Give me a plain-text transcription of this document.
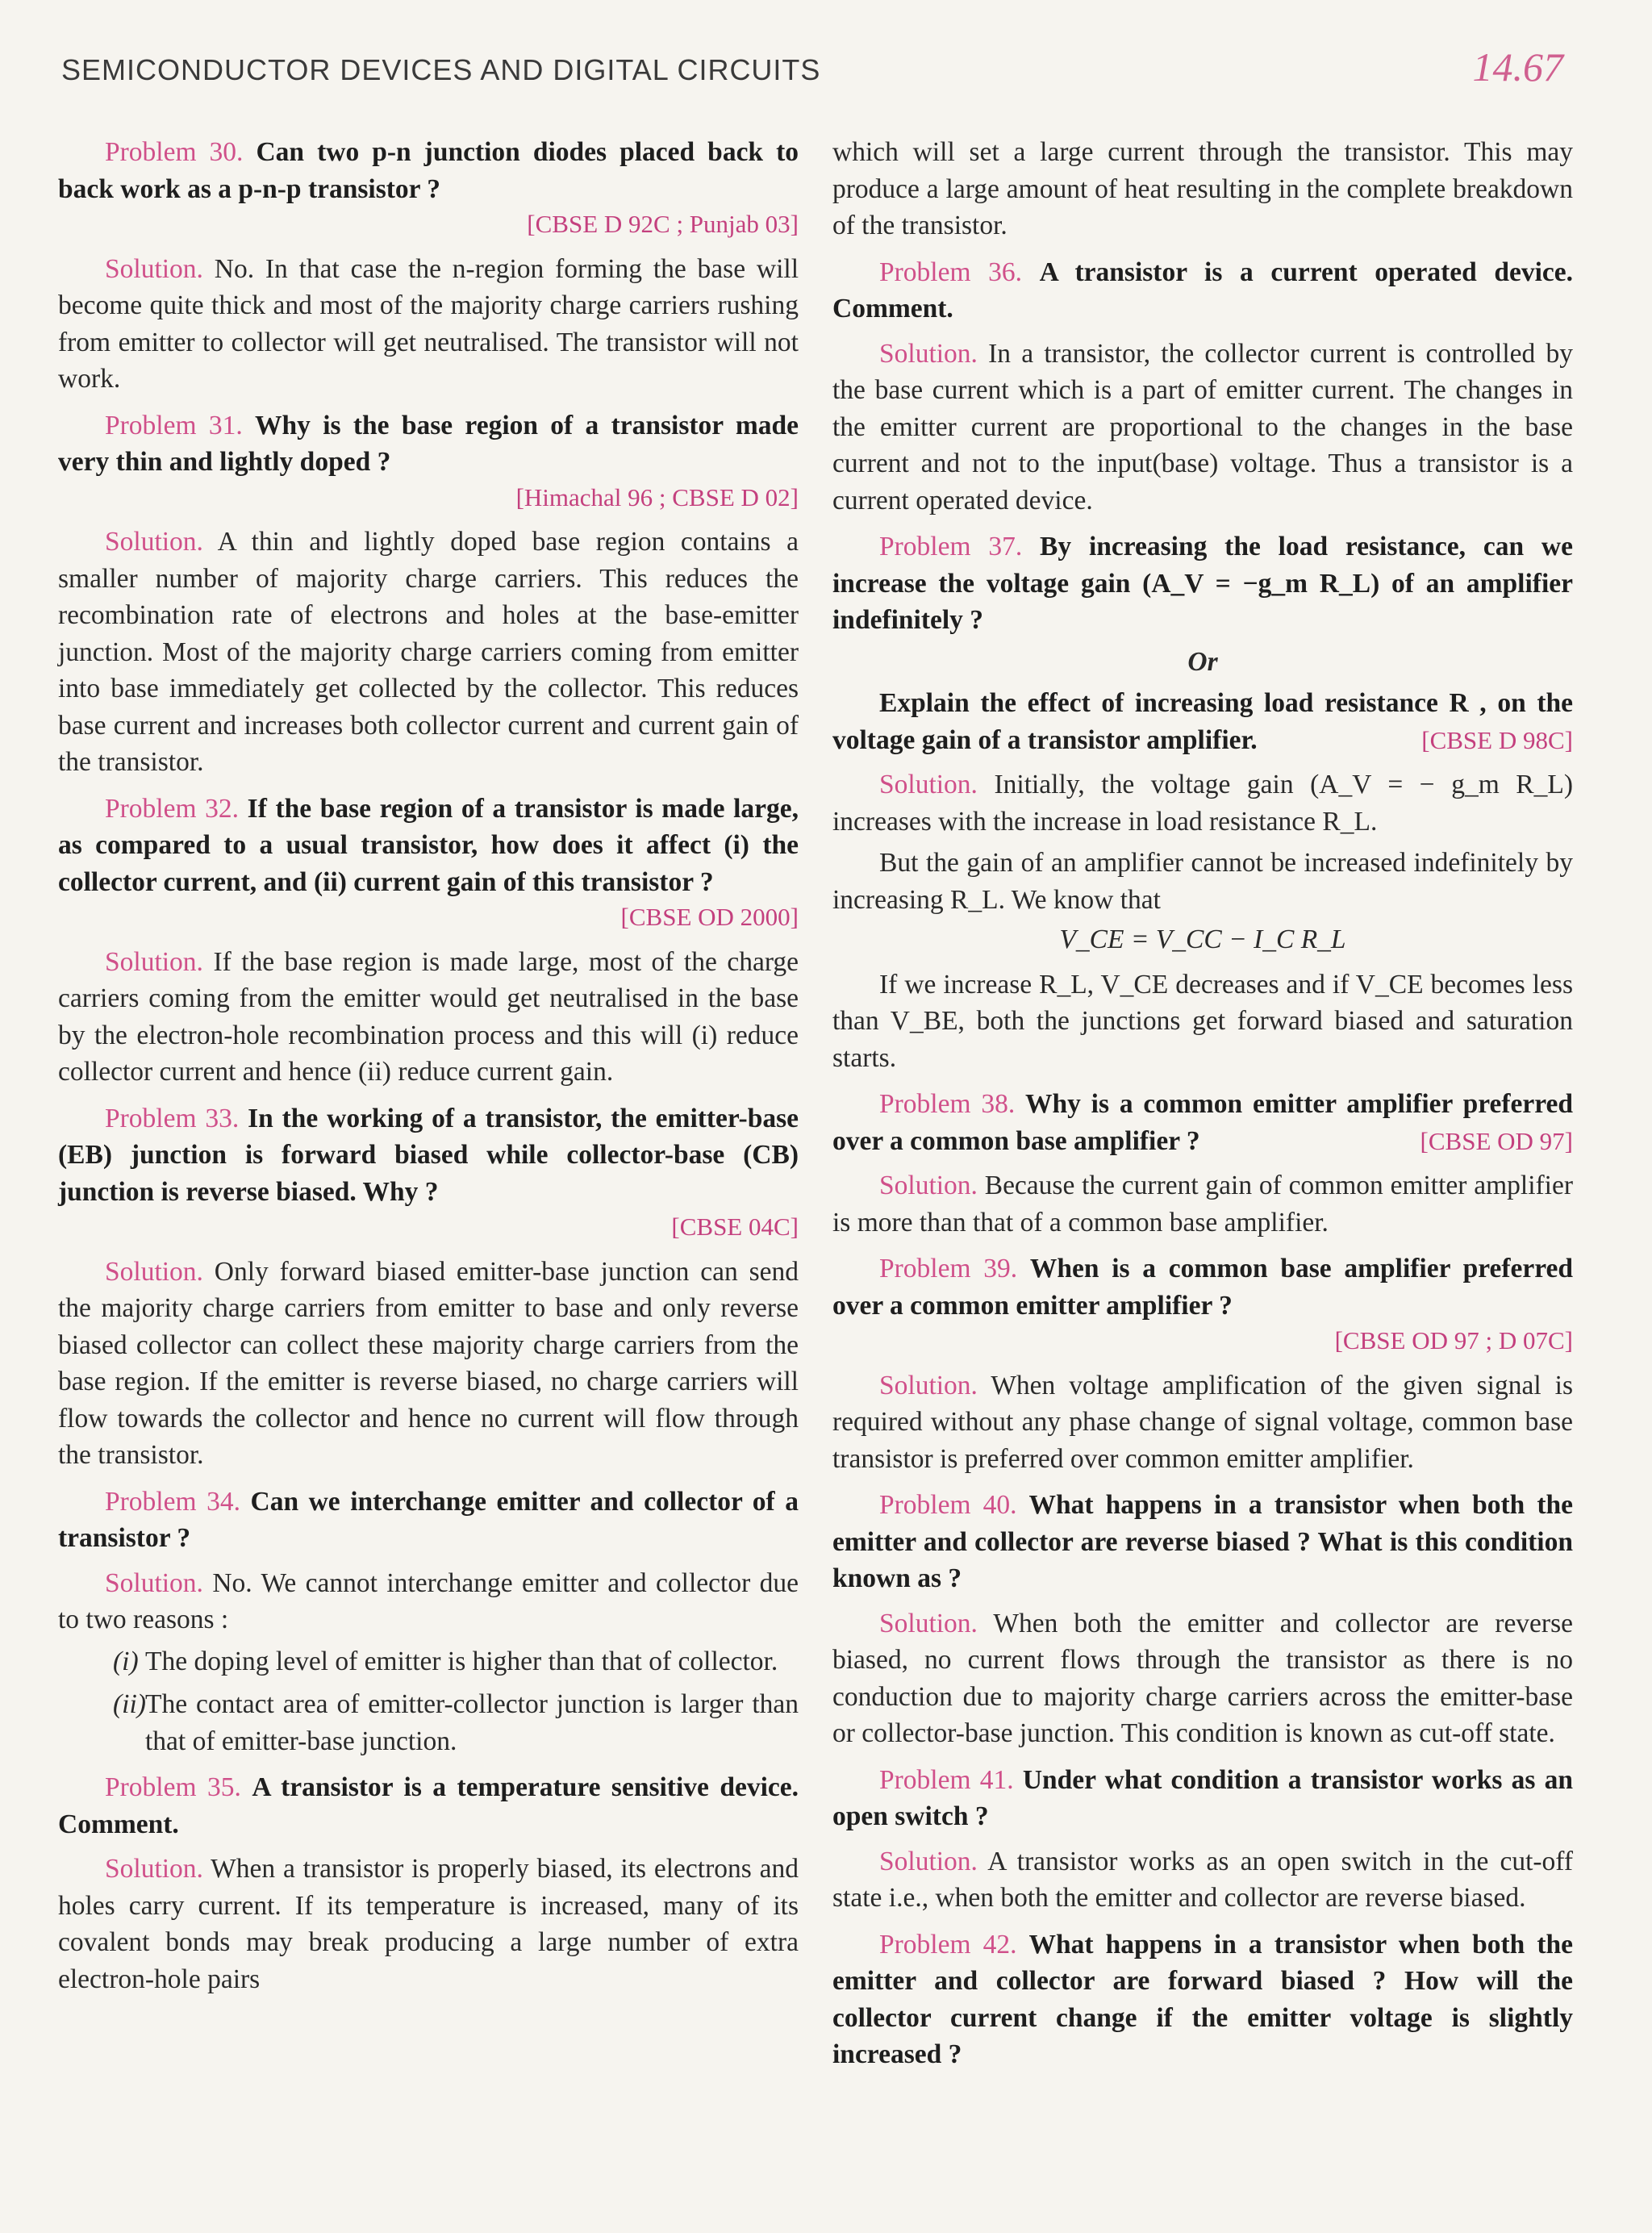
SEMICONDUCTOR DEVICES AND DIGITAL CIRCUITS	14.67

Problem 30. Can two p-n junction diodes placed back to back work as a p-n-p transistor ?

[CBSE D 92C ; Punjab 03]

Solution. No. In that case the n-region forming the base will become quite thick and most of the majority charge carriers rushing from emitter to collector will get neutralised. The transistor will not work.

Problem 31. Why is the base region of a transistor made very thin and lightly doped ?

[Himachal 96 ; CBSE D 02]

Solution. A thin and lightly doped base region contains a smaller number of majority charge carriers. This reduces the recombination rate of electrons and holes at the base-emitter junction. Most of the majority charge carriers coming from emitter into base immediately get collected by the collector. This reduces base current and increases both collector current and current gain of the transistor.

Problem 32. If the base region of a transistor is made large, as compared to a usual transistor, how does it affect (i) the collector current, and (ii) current gain of this transistor ?

[CBSE OD 2000]

Solution. If the base region is made large, most of the charge carriers coming from the emitter would get neutralised in the base by the electron-hole recombination process and this will (i) reduce collector current and hence (ii) reduce current gain.

Problem 33. In the working of a transistor, the emitter-base (EB) junction is forward biased while collector-base (CB) junction is reverse biased. Why ?

[CBSE 04C]

Solution. Only forward biased emitter-base junction can send the majority charge carriers from emitter to base and only reverse biased collector can collect these majority charge carriers from the base region. If the emitter is reverse biased, no charge carriers will flow towards the collector and hence no current will flow through the transistor.

Problem 34. Can we interchange emitter and collector of a transistor ?

Solution. No. We cannot interchange emitter and collector due to two reasons :

(i) The doping level of emitter is higher than that of collector.
(ii) The contact area of emitter-collector junction is larger than that of emitter-base junction.

Problem 35. A transistor is a temperature sensitive device. Comment.

Solution. When a transistor is properly biased, its electrons and holes carry current. If its temperature is increased, many of its covalent bonds may break producing a large number of extra electron-hole pairs

which will set a large current through the transistor. This may produce a large amount of heat resulting in the complete breakdown of the transistor.

Problem 36. A transistor is a current operated device. Comment.

Solution. In a transistor, the collector current is controlled by the base current which is a part of emitter current. The changes in the emitter current are proportional to the changes in the base current and not to the input(base) voltage. Thus a transistor is a current operated device.

Problem 37. By increasing the load resistance, can we increase the voltage gain (A_V = −g_m R_L) of an amplifier indefinitely ?

Or

Explain the effect of increasing load resistance R , on the voltage gain of a transistor amplifier.	[CBSE D 98C]

Solution. Initially, the voltage gain (A_V = − g_m R_L) increases with the increase in load resistance R_L.

But the gain of an amplifier cannot be increased indefinitely by increasing R_L. We know that

V_CE = V_CC − I_C R_L

If we increase R_L, V_CE decreases and if V_CE becomes less than V_BE, both the junctions get forward biased and saturation starts.

Problem 38. Why is a common emitter amplifier preferred over a common base amplifier ?	[CBSE OD 97]

Solution. Because the current gain of common emitter amplifier is more than that of a common base amplifier.

Problem 39. When is a common base amplifier preferred over a common emitter amplifier ?

[CBSE OD 97 ; D 07C]

Solution. When voltage amplification of the given signal is required without any phase change of signal voltage, common base transistor is preferred over common emitter amplifier.

Problem 40. What happens in a transistor when both the emitter and collector are reverse biased ? What is this condition known as ?

Solution. When both the emitter and collector are reverse biased, no current flows through the transistor as there is no conduction due to majority charge carriers across the emitter-base or collector-base junction. This condition is known as cut-off state.

Problem 41. Under what condition a transistor works as an open switch ?

Solution. A transistor works as an open switch in the cut-off state i.e., when both the emitter and collector are reverse biased.

Problem 42. What happens in a transistor when both the emitter and collector are forward biased ? How will the collector current change if the emitter voltage is slightly increased ?
